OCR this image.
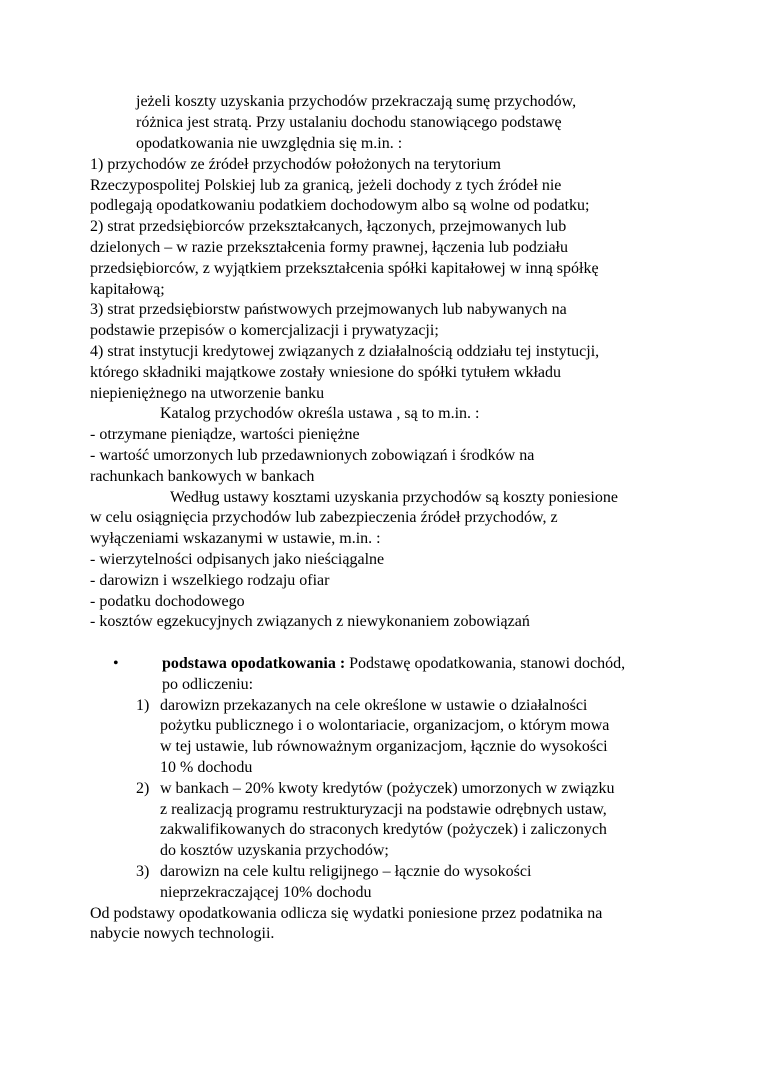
jeżeli koszty uzyskania przychodów przekraczają sumę przychodów,
różnica jest stratą. Przy ustalaniu dochodu stanowiącego podstawę
opodatkowania nie uwzględnia się m.in. :
1) przychodów ze źródeł przychodów położonych na terytorium
Rzeczypospolitej Polskiej lub za granicą, jeżeli dochody z tych źródeł nie
podlegają opodatkowaniu podatkiem dochodowym albo są wolne od podatku;
2) strat przedsiębiorców przekształcanych, łączonych, przejmowanych lub
dzielonych – w razie przekształcenia formy prawnej, łączenia lub podziału
przedsiębiorców, z wyjątkiem przekształcenia spółki kapitałowej w inną spółkę
kapitałową;
3) strat przedsiębiorstw państwowych przejmowanych lub nabywanych na
podstawie przepisów o komercjalizacji i prywatyzacji;
4) strat instytucji kredytowej związanych z działalnością oddziału tej instytucji,
którego składniki majątkowe zostały wniesione do spółki tytułem wkładu
niepieniężnego na utworzenie banku
Katalog przychodów określa ustawa , są to m.in. :
- otrzymane pieniądze, wartości pieniężne
- wartość umorzonych lub przedawnionych zobowiązań i środków na
rachunkach bankowych w bankach
Według ustawy kosztami uzyskania przychodów są koszty poniesione
w celu osiągnięcia przychodów lub zabezpieczenia źródeł przychodów, z
wyłączeniami wskazanymi w ustawie, m.in. :
- wierzytelności odpisanych jako nieściągalne
- darowizn i wszelkiego rodzaju ofiar
- podatku dochodowego
- kosztów egzekucyjnych związanych z niewykonaniem zobowiązań
•	podstawa opodatkowania : Podstawę opodatkowania, stanowi dochód,
po odliczeniu:
1) darowizn przekazanych na cele określone w ustawie o działalności
pożytku publicznego i o wolontariacie, organizacjom, o którym mowa
w tej ustawie, lub równoważnym organizacjom, łącznie do wysokości
10 % dochodu
2) w bankach – 20% kwoty kredytów (pożyczek) umorzonych w związku
z realizacją programu restrukturyzacji na podstawie odrębnych ustaw,
zakwalifikowanych do straconych kredytów (pożyczek) i zaliczonych
do kosztów uzyskania przychodów;
3) darowizn na cele kultu religijnego – łącznie do wysokości
nieprzekraczającej 10% dochodu
Od podstawy opodatkowania odlicza się wydatki poniesione przez podatnika na
nabycie nowych technologii.
